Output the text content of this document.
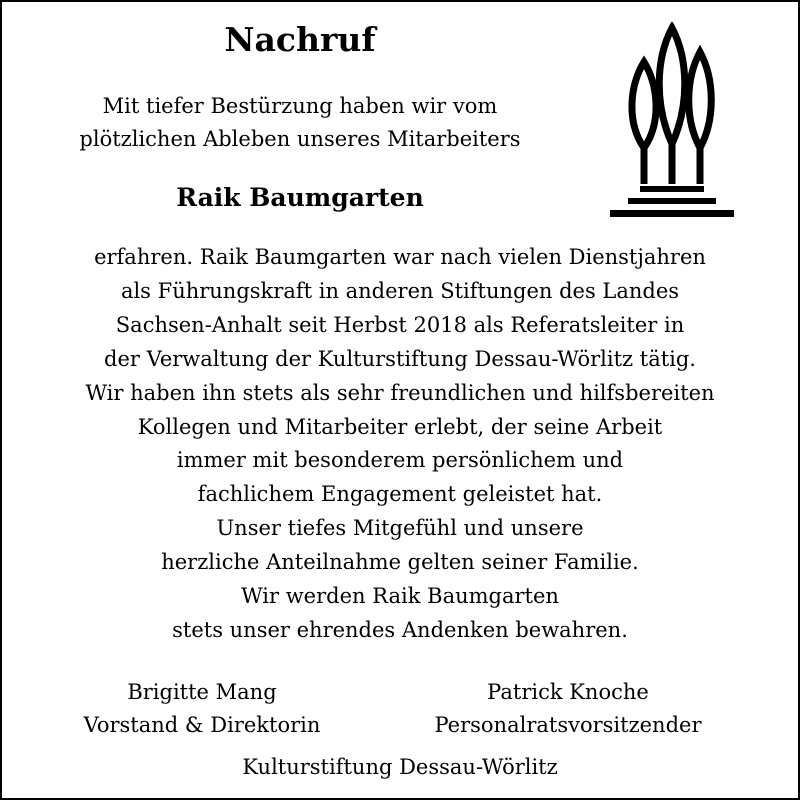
Nachruf
Mit tiefer Bestürzung haben wir vom
plötzlichen Ableben unseres Mitarbeiters
Raik Baumgarten
erfahren. Raik Baumgarten war nach vielen Dienstjahren
als Führungskraft in anderen Stiftungen des Landes
Sachsen-Anhalt seit Herbst 2018 als Referatsleiter in
der Verwaltung der Kulturstiftung Dessau-Wörlitz tätig.
Wir haben ihn stets als sehr freundlichen und hilfsbereiten
Kollegen und Mitarbeiter erlebt, der seine Arbeit
immer mit besonderem persönlichem und
fachlichem Engagement geleistet hat.
Unser tiefes Mitgefühl und unsere
herzliche Anteilnahme gelten seiner Familie.
Wir werden Raik Baumgarten
stets unser ehrendes Andenken bewahren.
Brigitte Mang
Vorstand & Direktorin
Patrick Knoche
Personalratsvorsitzender
Kulturstiftung Dessau-Wörlitz
